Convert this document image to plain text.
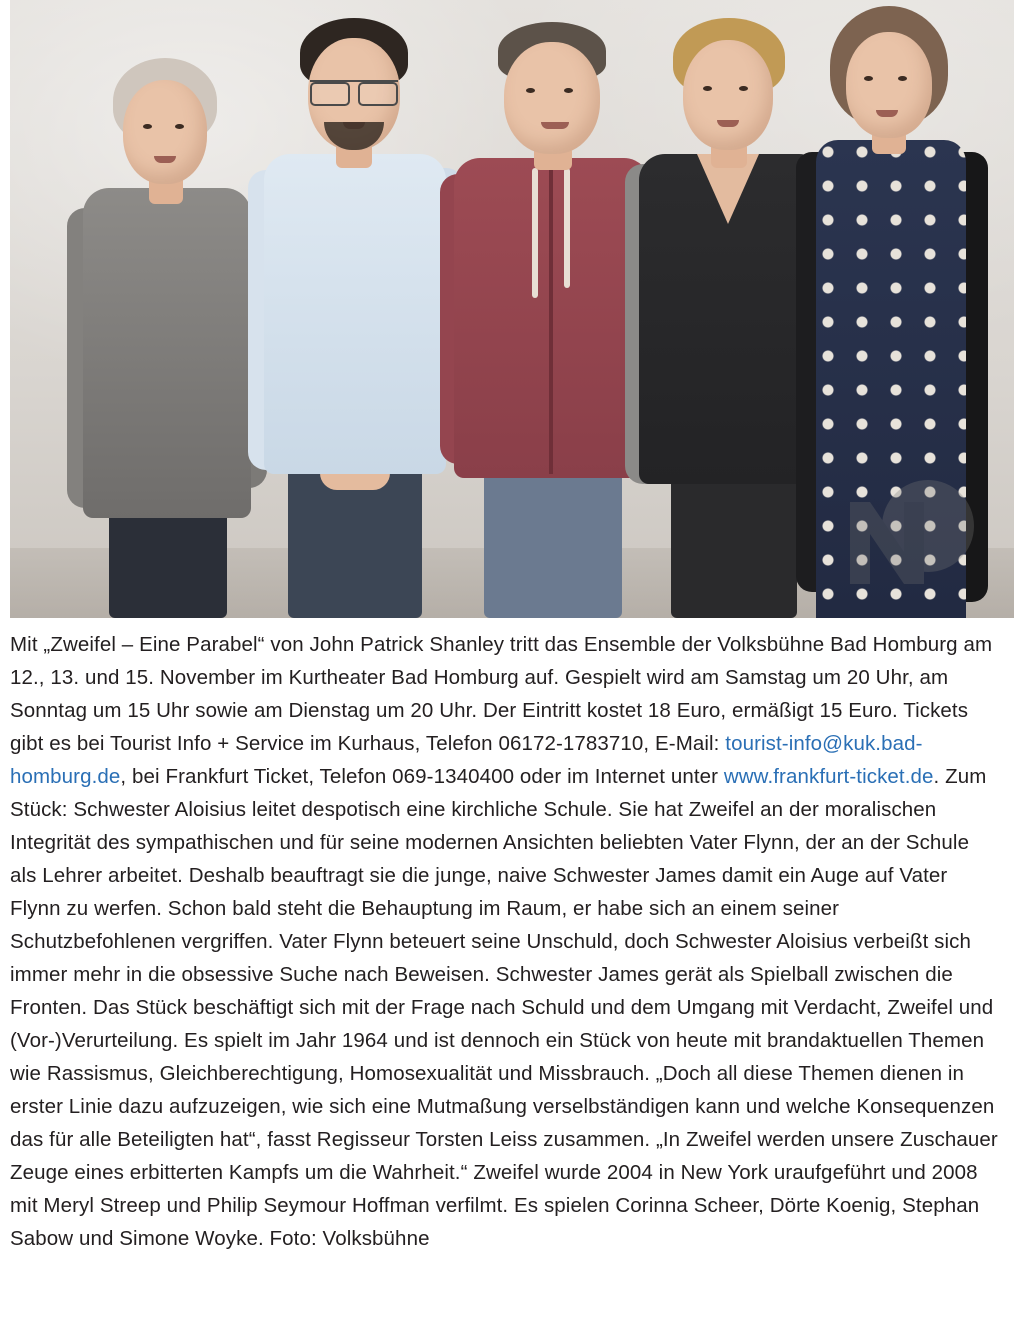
Mit „Zweifel – Eine Parabel“ von John Patrick Shanley tritt das Ensemble der Volksbühne Bad Homburg am 12., 13. und 15. November im Kurtheater Bad Homburg auf. Gespielt wird am Samstag um 20 Uhr, am Sonntag um 15 Uhr sowie am Dienstag um 20 Uhr. Der Eintritt kostet 18 Euro, ermäßigt 15 Euro. Tickets gibt es bei Tourist Info + Service im Kurhaus, Telefon 06172-1783710, E-Mail: tourist-info@kuk.bad-homburg.de, bei Frankfurt Ticket, Telefon 069-1340400 oder im Internet unter www.frankfurt-ticket.de. Zum Stück: Schwester Aloisius leitet despotisch eine kirchliche Schule. Sie hat Zweifel an der moralischen Integrität des sympathischen und für seine modernen Ansichten beliebten Vater Flynn, der an der Schule als Lehrer arbeitet. Deshalb beauftragt sie die junge, naive Schwester James damit ein Auge auf Vater Flynn zu werfen. Schon bald steht die Behauptung im Raum, er habe sich an einem seiner Schutzbefohlenen vergriffen. Vater Flynn beteuert seine Unschuld, doch Schwester Aloisius verbeißt sich immer mehr in die obsessive Suche nach Beweisen. Schwester James gerät als Spielball zwischen die Fronten. Das Stück beschäftigt sich mit der Frage nach Schuld und dem Umgang mit Verdacht, Zweifel und (Vor-)Verurteilung. Es spielt im Jahr 1964 und ist dennoch ein Stück von heute mit brandaktuellen Themen wie Rassismus, Gleichberechtigung, Homosexualität und Missbrauch. „Doch all diese Themen dienen in erster Linie dazu aufzuzeigen, wie sich eine Mutmaßung verselbständigen kann und welche Konsequenzen das für alle Beteiligten hat“, fasst Regisseur Torsten Leiss zusammen. „In Zweifel werden unsere Zuschauer Zeuge eines erbitterten Kampfs um die Wahrheit.“ Zweifel wurde 2004 in New York uraufgeführt und 2008 mit Meryl Streep und Philip Seymour Hoffman verfilmt. Es spielen Corinna Scheer, Dörte Koenig, Stephan Sabow und Simone Woyke. Foto: Volksbühne
